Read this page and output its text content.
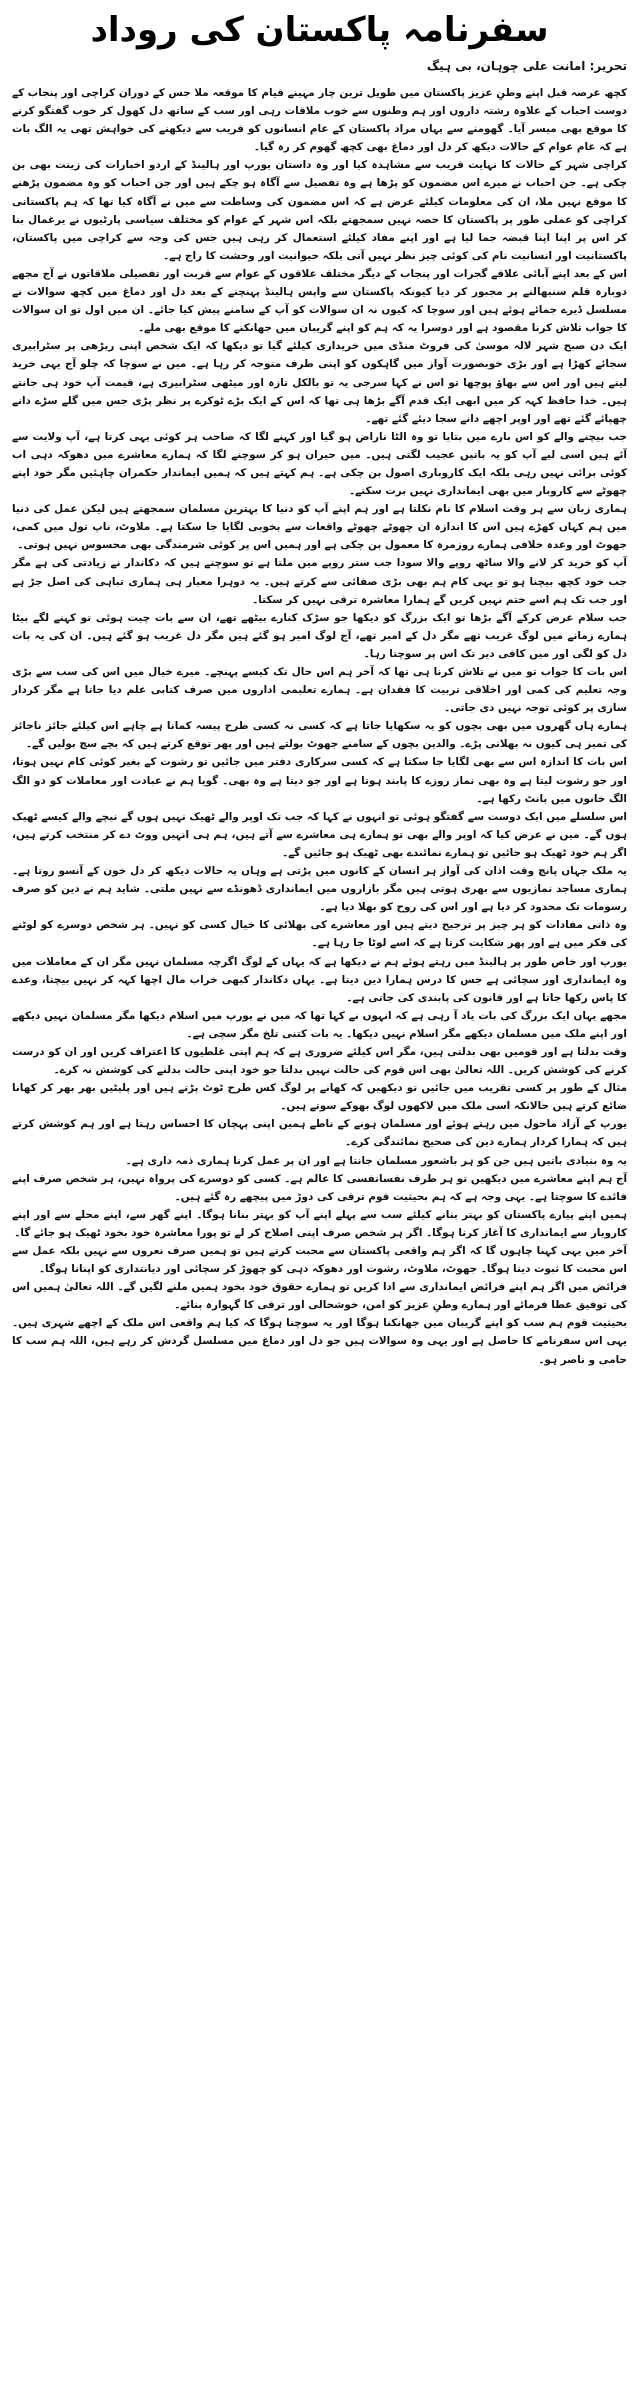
سفرنامہ پاکستان کی روداد
تحریر: امانت علی چوہان، بی ہیگ

کچھ عرصہ قبل اپنے وطنِ عزیز پاکستان میں طویل ترین چار مہینے قیام کا موقعہ ملا جس کے دوران کراچی اور پنجاب کے دوست احباب کے علاوہ رشتہ داروں اور ہم وطنوں سے خوب ملاقات رہی اور سب کے ساتھ دل کھول کر خوب گفتگو کرنے کا موقع بھی میسر آیا۔ گھومنے سے یہاں مراد پاکستان کے عام انسانوں کو قریب سے دیکھنے کی خواہش تھی یہ الگ بات ہے کہ عام عوام کے حالات دیکھ کر دل اور دماغ بھی کچھ گھوم کر رہ گیا۔

کراچی شہر کے حالات کا نہایت قریب سے مشاہدہ کیا اور وہ داستان یورپ اور ہالینڈ کے اردو اخبارات کی زینت بھی بن چکی ہے۔ جن احباب نے میرے اس مضمون کو پڑھا ہے وہ تفصیل سے آگاہ ہو چکے ہیں اور جن احباب کو وہ مضمون پڑھنے کا موقع نہیں ملا، ان کی معلومات کیلئے عرض ہے کہ اس مضمون کی وساطت سے میں نے آگاہ کیا تھا کہ ہم پاکستانی کراچی کو عملی طور پر پاکستان کا حصہ نہیں سمجھتے بلکہ اس شہر کے عوام کو مختلف سیاسی پارٹیوں نے یرغمال بنا کر اس پر اپنا اپنا قبضہ جما لیا ہے اور اپنے مفاد کیلئے استعمال کر رہی ہیں جس کی وجہ سے کراچی میں پاکستان، پاکستانیت اور انسانیت نام کی کوئی چیز نظر نہیں آتی بلکہ حیوانیت اور وحشت کا راج ہے۔

اس کے بعد اپنے آبائی علاقے گجرات اور پنجاب کے دیگر مختلف علاقوں کے عوام سے قربت اور تفصیلی ملاقاتوں نے آج مجھے دوبارہ قلم سنبھالنے پر مجبور کر دیا کیونکہ پاکستان سے واپس ہالینڈ پہنچنے کے بعد دل اور دماغ میں کچھ سوالات نے مسلسل ڈیرے جمائے ہوئے ہیں اور سوچا کہ کیوں نہ ان سوالات کو آپ کے سامنے پیش کیا جائے۔ ان میں اول تو ان سوالات کا جواب تلاش کرنا مقصود ہے اور دوسرا یہ کہ ہم کو اپنے گریبان میں جھانکنے کا موقع بھی ملے۔

ایک دن صبح شہر لالہ موسیٰ کی فروٹ منڈی میں خریداری کیلئے گیا تو دیکھا کہ ایک شخص اپنی ریڑھی پر سٹرابیری سجائے کھڑا ہے اور بڑی خوبصورت آواز میں گاہکوں کو اپنی طرف متوجہ کر رہا ہے۔ میں نے سوچا کہ چلو آج یہی خرید لیتے ہیں اور اس سے بھاؤ پوچھا تو اس نے کہا سرجی یہ تو بالکل تازہ اور میٹھی سٹرابیری ہے، قیمت آپ خود ہی جانتے ہیں۔ خدا حافظ کہہ کر میں ابھی ایک قدم آگے بڑھا ہی تھا کہ اس کے ایک بڑے ٹوکرے پر نظر پڑی جس میں گلے سڑے دانے چھپائے گئے تھے اور اوپر اچھے دانے سجا دیئے گئے تھے۔

جب بیچنے والے کو اس بارے میں بتایا تو وہ الٹا ناراض ہو گیا اور کہنے لگا کہ صاحب ہر کوئی یہی کرتا ہے، آپ ولایت سے آئے ہیں اسی لیے آپ کو یہ باتیں عجیب لگتی ہیں۔ میں حیران ہو کر سوچنے لگا کہ ہمارے معاشرے میں دھوکہ دہی اب کوئی برائی نہیں رہی بلکہ ایک کاروباری اصول بن چکی ہے۔ ہم کہتے ہیں کہ ہمیں ایماندار حکمران چاہئیں مگر خود اپنے چھوٹے سے کاروبار میں بھی ایمانداری نہیں برت سکتے۔

ہماری زبان سے ہر وقت اسلام کا نام نکلتا ہے اور ہم اپنے آپ کو دنیا کا بہترین مسلمان سمجھتے ہیں لیکن عمل کی دنیا میں ہم کہاں کھڑے ہیں اس کا اندازہ ان چھوٹے چھوٹے واقعات سے بخوبی لگایا جا سکتا ہے۔ ملاوٹ، ناپ تول میں کمی، جھوٹ اور وعدہ خلافی ہمارے روزمرہ کا معمول بن چکی ہے اور ہمیں اس پر کوئی شرمندگی بھی محسوس نہیں ہوتی۔

آپ کو خرید کر لانے والا ساٹھ روپے والا سودا جب ستر روپے میں ملتا ہے تو سوچتے ہیں کہ دکاندار نے زیادتی کی ہے مگر جب خود کچھ بیچنا ہو تو یہی کام ہم بھی بڑی صفائی سے کرتے ہیں۔ یہ دوہرا معیار ہی ہماری تباہی کی اصل جڑ ہے اور جب تک ہم اسے ختم نہیں کریں گے ہمارا معاشرہ ترقی نہیں کر سکتا۔

جب سلام عرض کرکے آگے بڑھا تو ایک بزرگ کو دیکھا جو سڑک کنارے بیٹھے تھے، ان سے بات چیت ہوئی تو کہنے لگے بیٹا ہمارے زمانے میں لوگ غریب تھے مگر دل کے امیر تھے، آج لوگ امیر ہو گئے ہیں مگر دل غریب ہو گئے ہیں۔ ان کی یہ بات دل کو لگی اور میں کافی دیر تک اس پر سوچتا رہا۔

اس بات کا جواب تو میں نے تلاش کرنا ہی تھا کہ آخر ہم اس حال تک کیسے پہنچے۔ میرے خیال میں اس کی سب سے بڑی وجہ تعلیم کی کمی اور اخلاقی تربیت کا فقدان ہے۔ ہمارے تعلیمی اداروں میں صرف کتابی علم دیا جاتا ہے مگر کردار سازی پر کوئی توجہ نہیں دی جاتی۔

ہمارے ہاں گھروں میں بھی بچوں کو یہ سکھایا جاتا ہے کہ کسی نہ کسی طرح پیسہ کمانا ہے چاہے اس کیلئے جائز ناجائز کی تمیز ہی کیوں نہ بھلانی پڑے۔ والدین بچوں کے سامنے جھوٹ بولتے ہیں اور پھر توقع کرتے ہیں کہ بچے سچ بولیں گے۔

اس بات کا اندازہ اس سے بھی لگایا جا سکتا ہے کہ کسی سرکاری دفتر میں جائیں تو رشوت کے بغیر کوئی کام نہیں ہوتا، اور جو رشوت لیتا ہے وہ بھی نماز روزے کا پابند ہوتا ہے اور جو دیتا ہے وہ بھی۔ گویا ہم نے عبادت اور معاملات کو دو الگ الگ خانوں میں بانٹ رکھا ہے۔

اس سلسلے میں ایک دوست سے گفتگو ہوئی تو انہوں نے کہا کہ جب تک اوپر والے ٹھیک نہیں ہوں گے نیچے والے کیسے ٹھیک ہوں گے۔ میں نے عرض کیا کہ اوپر والے بھی تو ہمارے ہی معاشرے سے آتے ہیں، ہم ہی انہیں ووٹ دے کر منتخب کرتے ہیں، اگر ہم خود ٹھیک ہو جائیں تو ہمارے نمائندے بھی ٹھیک ہو جائیں گے۔

یہ ملک جہاں پانچ وقت اذان کی آواز ہر انسان کے کانوں میں پڑتی ہے وہاں یہ حالات دیکھ کر دل خون کے آنسو روتا ہے۔ ہماری مساجد نمازیوں سے بھری ہوتی ہیں مگر بازاروں میں ایمانداری ڈھونڈے سے نہیں ملتی۔ شاید ہم نے دین کو صرف رسومات تک محدود کر دیا ہے اور اس کی روح کو بھلا دیا ہے۔

وہ ذاتی مفادات کو ہر چیز پر ترجیح دیتے ہیں اور معاشرے کی بھلائی کا خیال کسی کو نہیں۔ ہر شخص دوسرے کو لوٹنے کی فکر میں ہے اور پھر شکایت کرتا ہے کہ اسے لوٹا جا رہا ہے۔

یورپ اور خاص طور پر ہالینڈ میں رہتے ہوئے ہم نے دیکھا ہے کہ یہاں کے لوگ اگرچہ مسلمان نہیں مگر ان کے معاملات میں وہ ایمانداری اور سچائی ہے جس کا درس ہمارا دین دیتا ہے۔ یہاں دکاندار کبھی خراب مال اچھا کہہ کر نہیں بیچتا، وعدے کا پاس رکھا جاتا ہے اور قانون کی پابندی کی جاتی ہے۔

مجھے یہاں ایک بزرگ کی بات یاد آ رہی ہے کہ انہوں نے کہا تھا کہ میں نے یورپ میں اسلام دیکھا مگر مسلمان نہیں دیکھے اور اپنے ملک میں مسلمان دیکھے مگر اسلام نہیں دیکھا۔ یہ بات کتنی تلخ مگر سچی ہے۔

وقت بدلتا ہے اور قومیں بھی بدلتی ہیں، مگر اس کیلئے ضروری ہے کہ ہم اپنی غلطیوں کا اعتراف کریں اور ان کو درست کرنے کی کوشش کریں۔ اللہ تعالیٰ بھی اس قوم کی حالت نہیں بدلتا جو خود اپنی حالت بدلنے کی کوشش نہ کرے۔

مثال کے طور پر کسی تقریب میں جائیں تو دیکھیں کہ کھانے پر لوگ کس طرح ٹوٹ پڑتے ہیں اور پلیٹیں بھر بھر کر کھانا ضائع کرتے ہیں حالانکہ اسی ملک میں لاکھوں لوگ بھوکے سوتے ہیں۔

یورپ کے آزاد ماحول میں رہتے ہوئے اور مسلمان ہونے کے ناطے ہمیں اپنی پہچان کا احساس رہتا ہے اور ہم کوشش کرتے ہیں کہ ہمارا کردار ہمارے دین کی صحیح نمائندگی کرے۔

یہ وہ بنیادی باتیں ہیں جن کو ہر باشعور مسلمان جانتا ہے اور ان پر عمل کرنا ہماری ذمہ داری ہے۔

آج ہم اپنے معاشرے میں دیکھیں تو ہر طرف نفسانفسی کا عالم ہے۔ کسی کو دوسرے کی پرواہ نہیں، ہر شخص صرف اپنے فائدے کا سوچتا ہے۔ یہی وجہ ہے کہ ہم بحیثیت قوم ترقی کی دوڑ میں پیچھے رہ گئے ہیں۔

ہمیں اپنے پیارے پاکستان کو بہتر بنانے کیلئے سب سے پہلے اپنے آپ کو بہتر بنانا ہوگا۔ اپنے گھر سے، اپنے محلے سے اور اپنے کاروبار سے ایمانداری کا آغاز کرنا ہوگا۔ اگر ہر شخص صرف اپنی اصلاح کر لے تو پورا معاشرہ خود بخود ٹھیک ہو جائے گا۔

آخر میں یہی کہنا چاہوں گا کہ اگر ہم واقعی پاکستان سے محبت کرتے ہیں تو ہمیں صرف نعروں سے نہیں بلکہ عمل سے اس محبت کا ثبوت دینا ہوگا۔ جھوٹ، ملاوٹ، رشوت اور دھوکہ دہی کو چھوڑ کر سچائی اور دیانتداری کو اپنانا ہوگا۔

فرائض میں اگر ہم اپنے فرائض ایمانداری سے ادا کریں تو ہمارے حقوق خود بخود ہمیں ملنے لگیں گے۔ اللہ تعالیٰ ہمیں اس کی توفیق عطا فرمائے اور ہمارے وطنِ عزیز کو امن، خوشحالی اور ترقی کا گہوارہ بنائے۔

بحیثیت قوم ہم سب کو اپنے گریبان میں جھانکنا ہوگا اور یہ سوچنا ہوگا کہ کیا ہم واقعی اس ملک کے اچھے شہری ہیں۔ یہی اس سفرنامے کا حاصل ہے اور یہی وہ سوالات ہیں جو دل اور دماغ میں مسلسل گردش کر رہے ہیں، اللہ ہم سب کا حامی و ناصر ہو۔
